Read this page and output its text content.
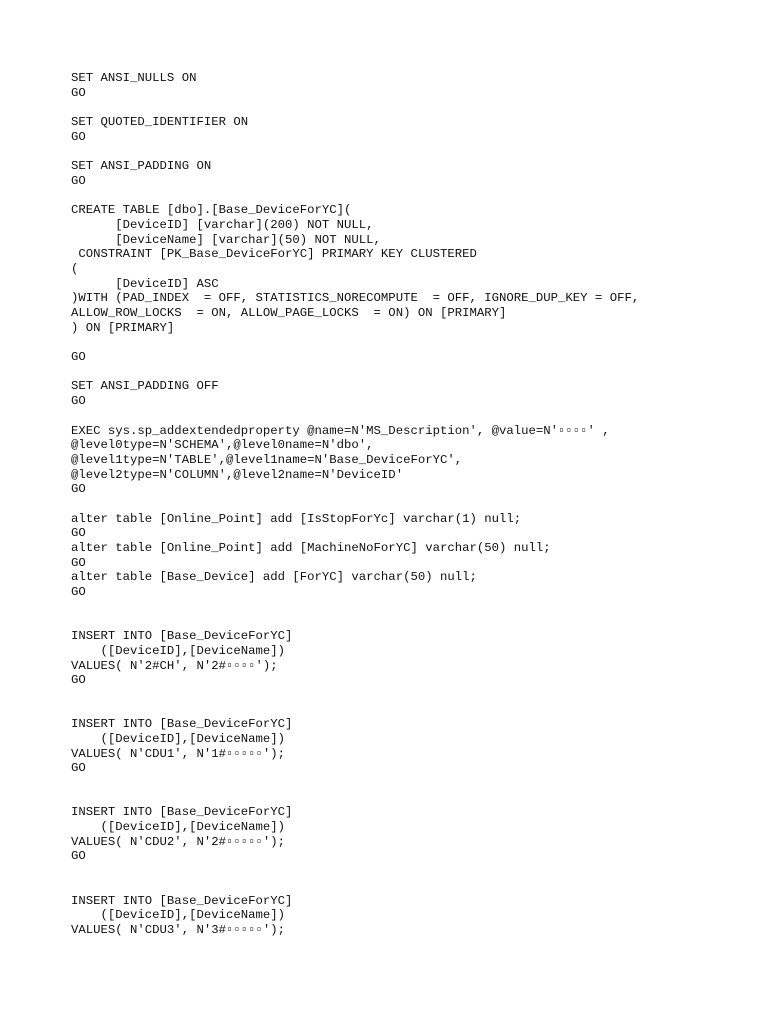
SET ANSI_NULLS ON
GO
SET QUOTED_IDENTIFIER ON
GO
SET ANSI_PADDING ON
GO
CREATE TABLE [dbo].[Base_DeviceForYC](
[DeviceID] [varchar](200) NOT NULL,
[DeviceName] [varchar](50) NOT NULL,
CONSTRAINT [PK_Base_DeviceForYC] PRIMARY KEY CLUSTERED
(
[DeviceID] ASC
)WITH (PAD_INDEX  = OFF, STATISTICS_NORECOMPUTE  = OFF, IGNORE_DUP_KEY = OFF,
ALLOW_ROW_LOCKS  = ON, ALLOW_PAGE_LOCKS  = ON) ON [PRIMARY]
) ON [PRIMARY]
GO
SET ANSI_PADDING OFF
GO
EXEC sys.sp_addextendedproperty @name=N'MS_Description', @value=N'▫▫▫▫' ,
@level0type=N'SCHEMA',@level0name=N'dbo',
@level1type=N'TABLE',@level1name=N'Base_DeviceForYC',
@level2type=N'COLUMN',@level2name=N'DeviceID'
GO
alter table [Online_Point] add [IsStopForYc] varchar(1) null;
GO
alter table [Online_Point] add [MachineNoForYC] varchar(50) null;
GO
alter table [Base_Device] add [ForYC] varchar(50) null;
GO
INSERT INTO [Base_DeviceForYC]
([DeviceID],[DeviceName])
VALUES( N'2#CH', N'2#▫▫▫▫');
GO
INSERT INTO [Base_DeviceForYC]
([DeviceID],[DeviceName])
VALUES( N'CDU1', N'1#▫▫▫▫▫');
GO
INSERT INTO [Base_DeviceForYC]
([DeviceID],[DeviceName])
VALUES( N'CDU2', N'2#▫▫▫▫▫');
GO
INSERT INTO [Base_DeviceForYC]
([DeviceID],[DeviceName])
VALUES( N'CDU3', N'3#▫▫▫▫▫');
